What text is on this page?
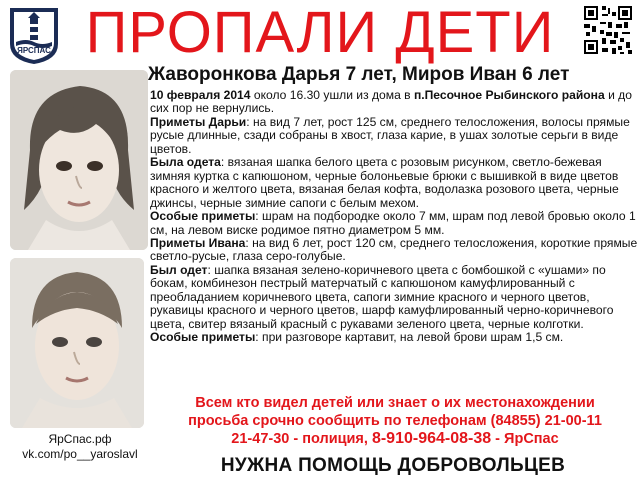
ЯРСПАС ПРОПАЛИ ДЕТИ
ЯрСпас.рф
vk.com/po__yaroslavl
Жаворонкова Дарья 7 лет, Миров Иван 6 лет

10 февраля 2014 около 16.30 ушли из дома в п.Песочное Рыбинского района и до сих пор не вернулись.

Приметы Дарьи: на вид 7 лет, рост 125 см, среднего телосложения, волосы прямые русые длинные, сзади собраны в хвост, глаза карие, в ушах золотые серьги в виде цветов.

Была одета: вязаная шапка белого цвета с розовым рисунком, светло-бежевая зимняя куртка с капюшоном, черные болоньевые брюки с вышивкой в виде цветов красного и желтого цвета, вязаная белая кофта, водолазка розового цвета, черные джинсы, черные зимние сапоги с белым мехом.

Особые приметы: шрам на подбородке около 7 мм, шрам под левой бровью около 1 см, на левом виске родимое пятно диаметром 5 мм.

Приметы Ивана: на вид 6 лет, рост 120 см, среднего телосложения, короткие прямые светло-русые, глаза серо-голубые.

Был одет: шапка вязаная зелено-коричневого цвета с бомбошкой с «ушами» по бокам, комбинезон пестрый матерчатый с капюшоном камуфлированный с преобладанием коричневого цвета, сапоги зимние красного и черного цветов, рукавицы красного и черного цветов, шарф камуфлированный черно-коричневого цвета, свитер вязаный красный с рукавами зеленого цвета, черные колготки.

Особые приметы: при разговоре картавит, на левой брови шрам 1,5 см.

Всем кто видел детей или знает о их местонахождении
просьба срочно сообщить по телефонам (84855) 21-00-11
21-47-30 - полиция, 8-910-964-08-38 - ЯрСпас
НУЖНА ПОМОЩЬ ДОБРОВОЛЬЦЕВ
